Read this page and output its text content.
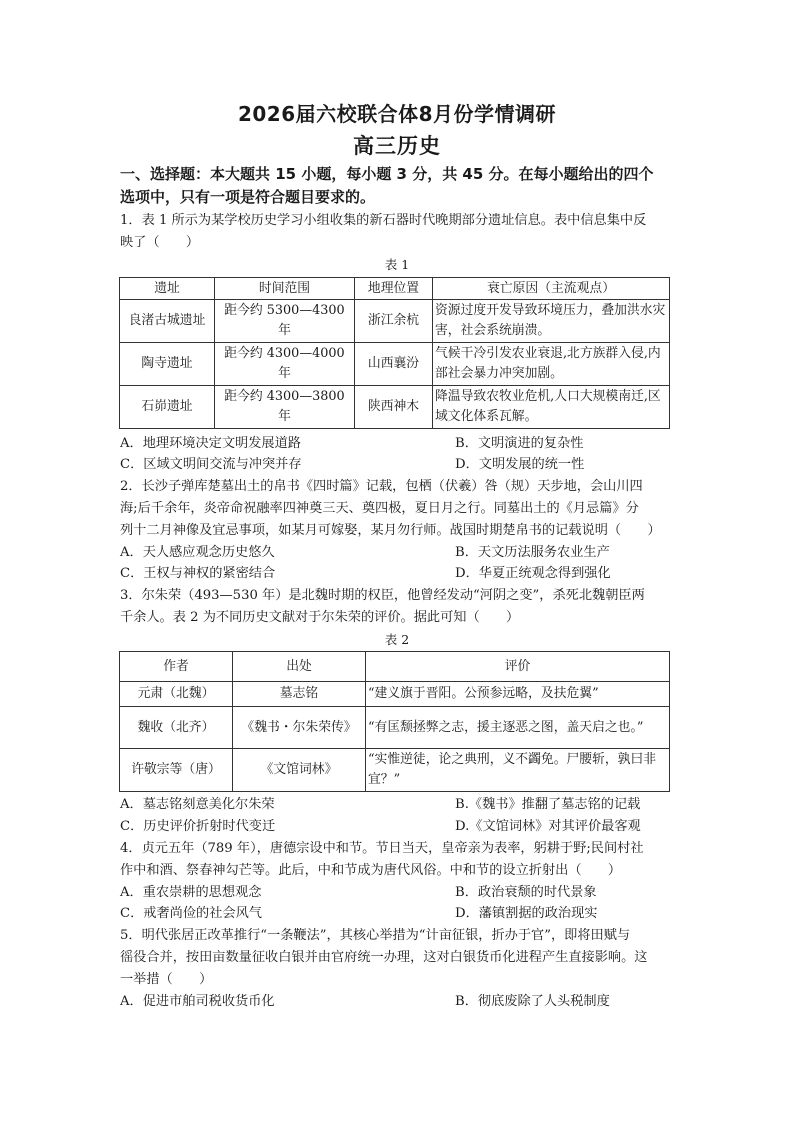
2026届六校联合体8月份学情调研
高三历史
一、选择题：本大题共 15 小题，每小题 3 分，共 45 分。在每小题给出的四个
选项中，只有一项是符合题目要求的。
1．表 1 所示为某学校历史学习小组收集的新石器时代晚期部分遗址信息。表中信息集中反
映了（　　）
表 1
遗址	时间范围	地理位置	衰亡原因（主流观点）
良渚古城遗址	距今约 5300—4300 年	浙江余杭	资源过度开发导致环境压力，叠加洪水灾害，社会系统崩溃。
陶寺遗址	距今约 4300—4000 年	山西襄汾	气候干冷引发农业衰退,北方族群入侵,内部社会暴力冲突加剧。
石峁遗址	距今约 4300—3800 年	陕西神木	降温导致农牧业危机,人口大规模南迁,区域文化体系瓦解。
A．地理环境决定文明发展道路	B．文明演进的复杂性
C．区域文明间交流与冲突并存	D．文明发展的统一性
2．长沙子弹库楚墓出土的帛书《四时篇》记载，包栖（伏羲）咎（规）天步地，会山川四
海;后千余年，炎帝命祝融率四神奠三天、奠四极，夏日月之行。同墓出土的《月忌篇》分
列十二月神像及宜忌事项，如某月可嫁娶，某月勿行师。战国时期楚帛书的记载说明（　　）
A．天人感应观念历史悠久	B．天文历法服务农业生产
C．王权与神权的紧密结合	D．华夏正统观念得到强化
3．尔朱荣（493—530 年）是北魏时期的权臣，他曾经发动“河阴之变”，杀死北魏朝臣两
千余人。表 2 为不同历史文献对于尔朱荣的评价。据此可知（　　）
表 2
作者	出处	评价
元肃（北魏）	墓志铭	“建义旗于晋阳。公预参远略，及扶危翼”
魏收（北齐）	《魏书・尔朱荣传》	“有匡颓拯弊之志，援主逐恶之图，盖天启之也。”
许敬宗等（唐）	《文馆词林》	“实惟逆徒，论之典刑，义不蠲免。尸腰斩，孰曰非宜？”
A．墓志铭刻意美化尔朱荣	B.《魏书》推翻了墓志铭的记载
C．历史评价折射时代变迁	D.《文馆词林》对其评价最客观
4．贞元五年（789 年），唐德宗设中和节。节日当天，皇帝亲为表率，躬耕于野;民间村社
作中和酒、祭春神勾芒等。此后，中和节成为唐代风俗。中和节的设立折射出（　　）
A．重农崇耕的思想观念	B．政治衰颓的时代景象
C．戒奢尚俭的社会风气	D．藩镇割据的政治现实
5．明代张居正改革推行“一条鞭法”，其核心举措为“计亩征银，折办于官”，即将田赋与
徭役合并，按田亩数量征收白银并由官府统一办理，这对白银货币化进程产生直接影响。这
一举措（　　）
A．促进市舶司税收货币化	B．彻底废除了人头税制度
